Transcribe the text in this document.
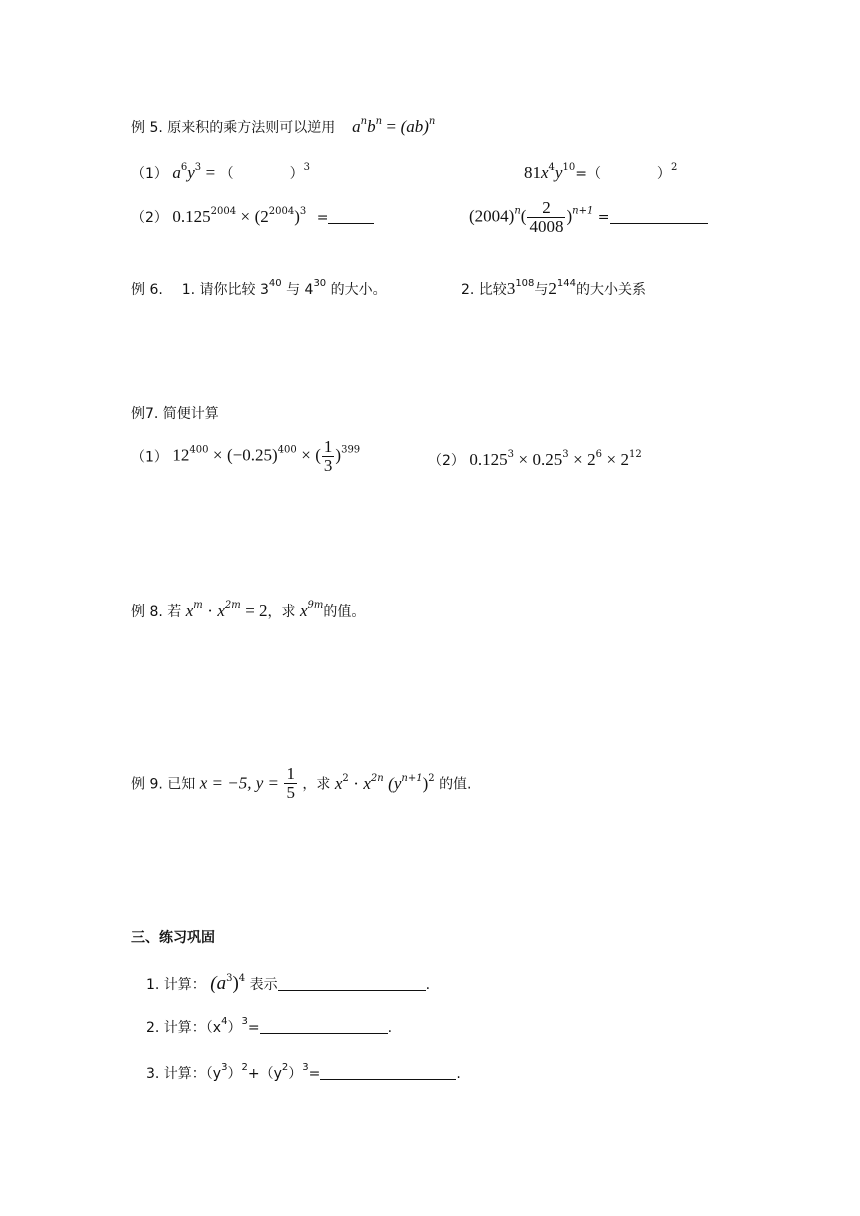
例 5. 原来积的乘方法则可以逆用 $a^nb^n = (ab)^n$
（1） $a^6y^3$ = （　　　　）$^3$	$81x^4y^{10}=$（　　　　）$^2$
（2） $0.125^{2004} \times (2^{2004})^3$ =	$(2004)^n( \frac{2}{4008} )^{n+1}$ =
例 6. 1. 请你比较 $3^{40}$ 与 $4^{30}$ 的大小。	2. 比较$3^{108}$与$2^{144}$的大小关系
例7. 简便计算
（1） $12^{400} \times (-0.25)^{400}$ × ( $\frac{1}{3} )^{399}$
（2） $0.125^3 \times 0.25^3 \times 2^6 \times 2^{12}$
例 8. 若 $x^m \cdot x^{2m} = 2$，求 $x^{9m}$的值。
例 9. 已知 x = −5, $y = \frac{1}{5}$ ，求 $x^2 \cdot x^{2n}$ $(y^{n+1})^2$ 的值.
三、练习巩固
1. 计算： $(a^3)^4$ 表示	.
2. 计算：$(x^4)^3=$	.
3. 计算：$(y^3)^2+(y^2)^3=$	.
